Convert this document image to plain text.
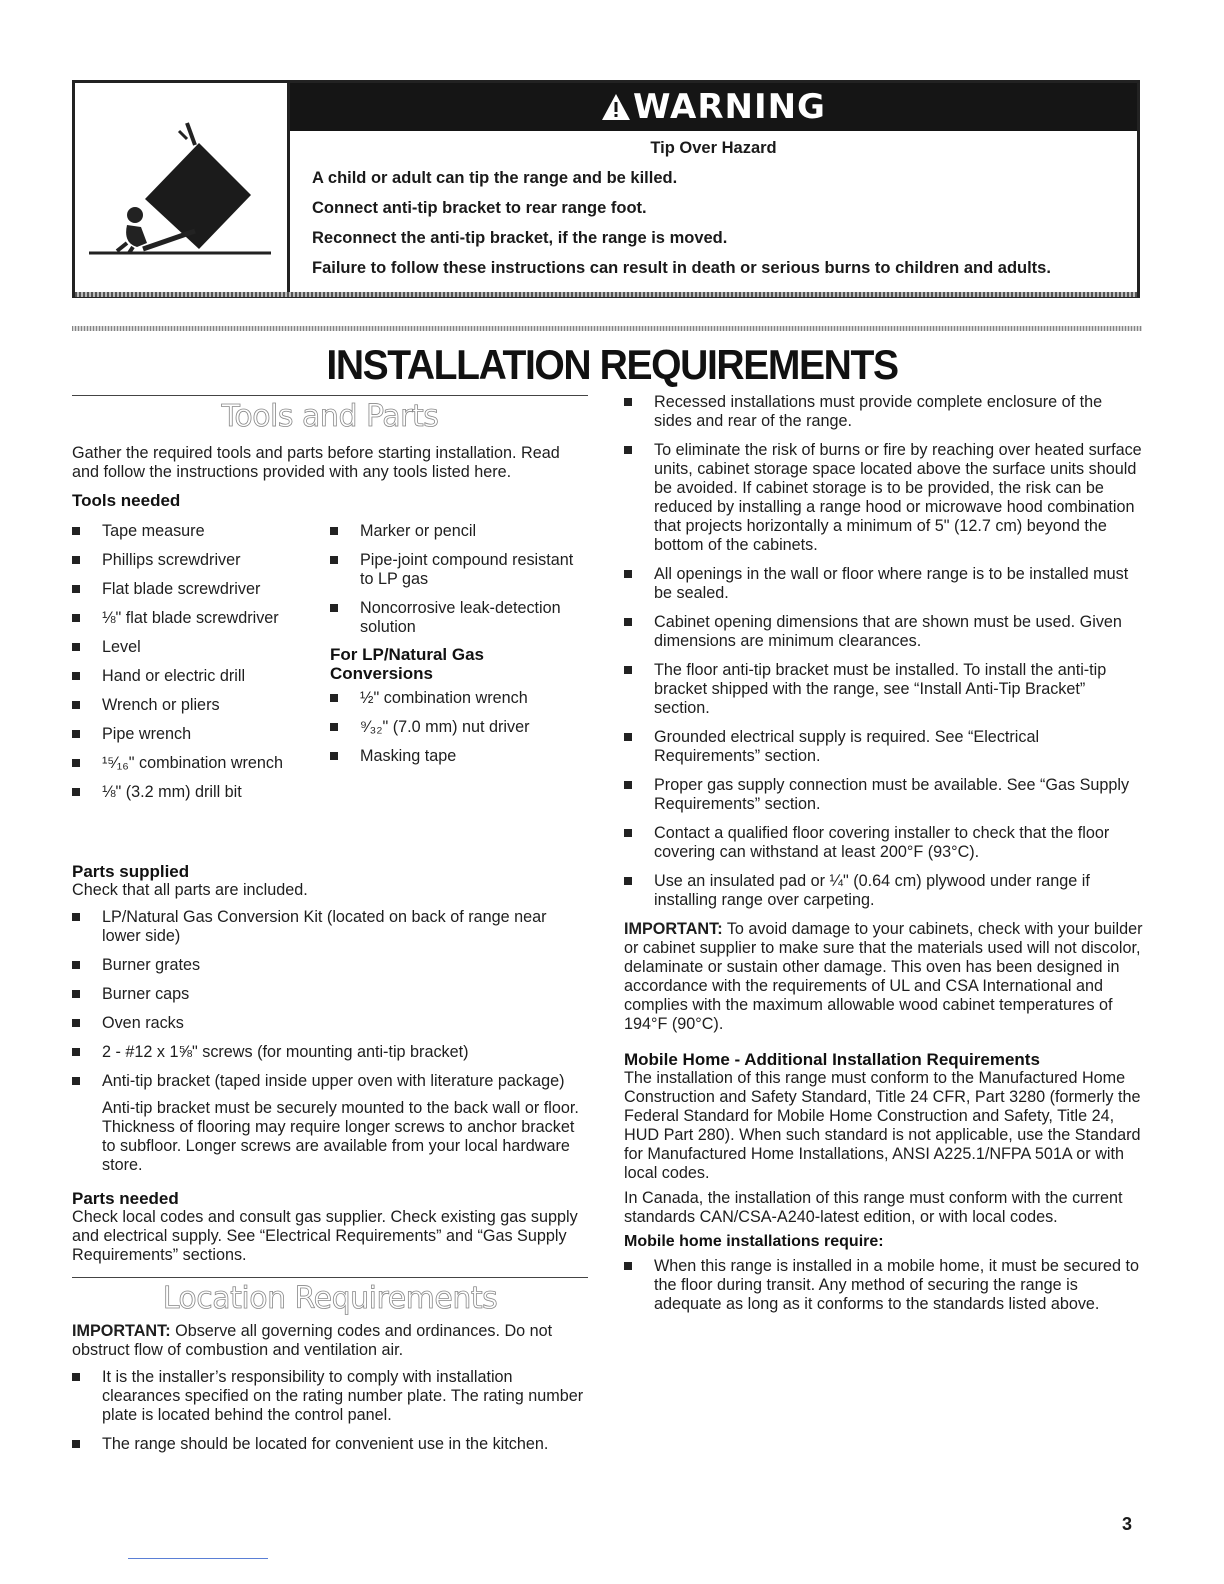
WARNING
Tip Over Hazard
A child or adult can tip the range and be killed.
Connect anti-tip bracket to rear range foot.
Reconnect the anti-tip bracket, if the range is moved.
Failure to follow these instructions can result in death or serious burns to children and adults.
INSTALLATION REQUIREMENTS
Tools and Parts

Gather the required tools and parts before starting installation. Read and follow the instructions provided with any tools listed here.

Tools needed
Tape measure
Phillips screwdriver
Flat blade screwdriver
⅛" flat blade screwdriver
Level
Hand or electric drill
Wrench or pliers
Pipe wrench
¹⁵⁄₁₆" combination wrench
⅛" (3.2 mm) drill bit
Marker or pencil
Pipe-joint compound resistant to LP gas
Noncorrosive leak-detection solution
For LP/Natural Gas Conversions
½" combination wrench
⁹⁄₃₂" (7.0 mm) nut driver
Masking tape
Parts supplied

Check that all parts are included.

LP/Natural Gas Conversion Kit (located on back of range near lower side)
Burner grates
Burner caps
Oven racks
2 - #12 x 1⅝" screws (for mounting anti-tip bracket)
Anti-tip bracket (taped inside upper oven with literature package)

Anti-tip bracket must be securely mounted to the back wall or floor. Thickness of flooring may require longer screws to anchor bracket to subfloor. Longer screws are available from your local hardware store.

Parts needed

Check local codes and consult gas supplier. Check existing gas supply and electrical supply. See “Electrical Requirements” and “Gas Supply Requirements” sections.

Location Requirements

IMPORTANT: Observe all governing codes and ordinances. Do not obstruct flow of combustion and ventilation air.

It is the installer’s responsibility to comply with installation clearances specified on the rating number plate. The rating number plate is located behind the control panel.
The range should be located for convenient use in the kitchen.
Recessed installations must provide complete enclosure of the sides and rear of the range.
To eliminate the risk of burns or fire by reaching over heated surface units, cabinet storage space located above the surface units should be avoided. If cabinet storage is to be provided, the risk can be reduced by installing a range hood or microwave hood combination that projects horizontally a minimum of 5" (12.7 cm) beyond the bottom of the cabinets.
All openings in the wall or floor where range is to be installed must be sealed.
Cabinet opening dimensions that are shown must be used. Given dimensions are minimum clearances.
The floor anti-tip bracket must be installed. To install the anti-tip bracket shipped with the range, see “Install Anti-Tip Bracket” section.
Grounded electrical supply is required. See “Electrical Requirements” section.
Proper gas supply connection must be available. See “Gas Supply Requirements” section.
Contact a qualified floor covering installer to check that the floor covering can withstand at least 200°F (93°C).
Use an insulated pad or ¼" (0.64 cm) plywood under range if installing range over carpeting.

IMPORTANT: To avoid damage to your cabinets, check with your builder or cabinet supplier to make sure that the materials used will not discolor, delaminate or sustain other damage. This oven has been designed in accordance with the requirements of UL and CSA International and complies with the maximum allowable wood cabinet temperatures of 194°F (90°C).

Mobile Home - Additional Installation Requirements

The installation of this range must conform to the Manufactured Home Construction and Safety Standard, Title 24 CFR, Part 3280 (formerly the Federal Standard for Mobile Home Construction and Safety, Title 24, HUD Part 280). When such standard is not applicable, use the Standard for Manufactured Home Installations, ANSI A225.1/NFPA 501A or with local codes.

In Canada, the installation of this range must conform with the current standards CAN/CSA-A240-latest edition, or with local codes.

Mobile home installations require:
When this range is installed in a mobile home, it must be secured to the floor during transit. Any method of securing the range is adequate as long as it conforms to the standards listed above.
3
